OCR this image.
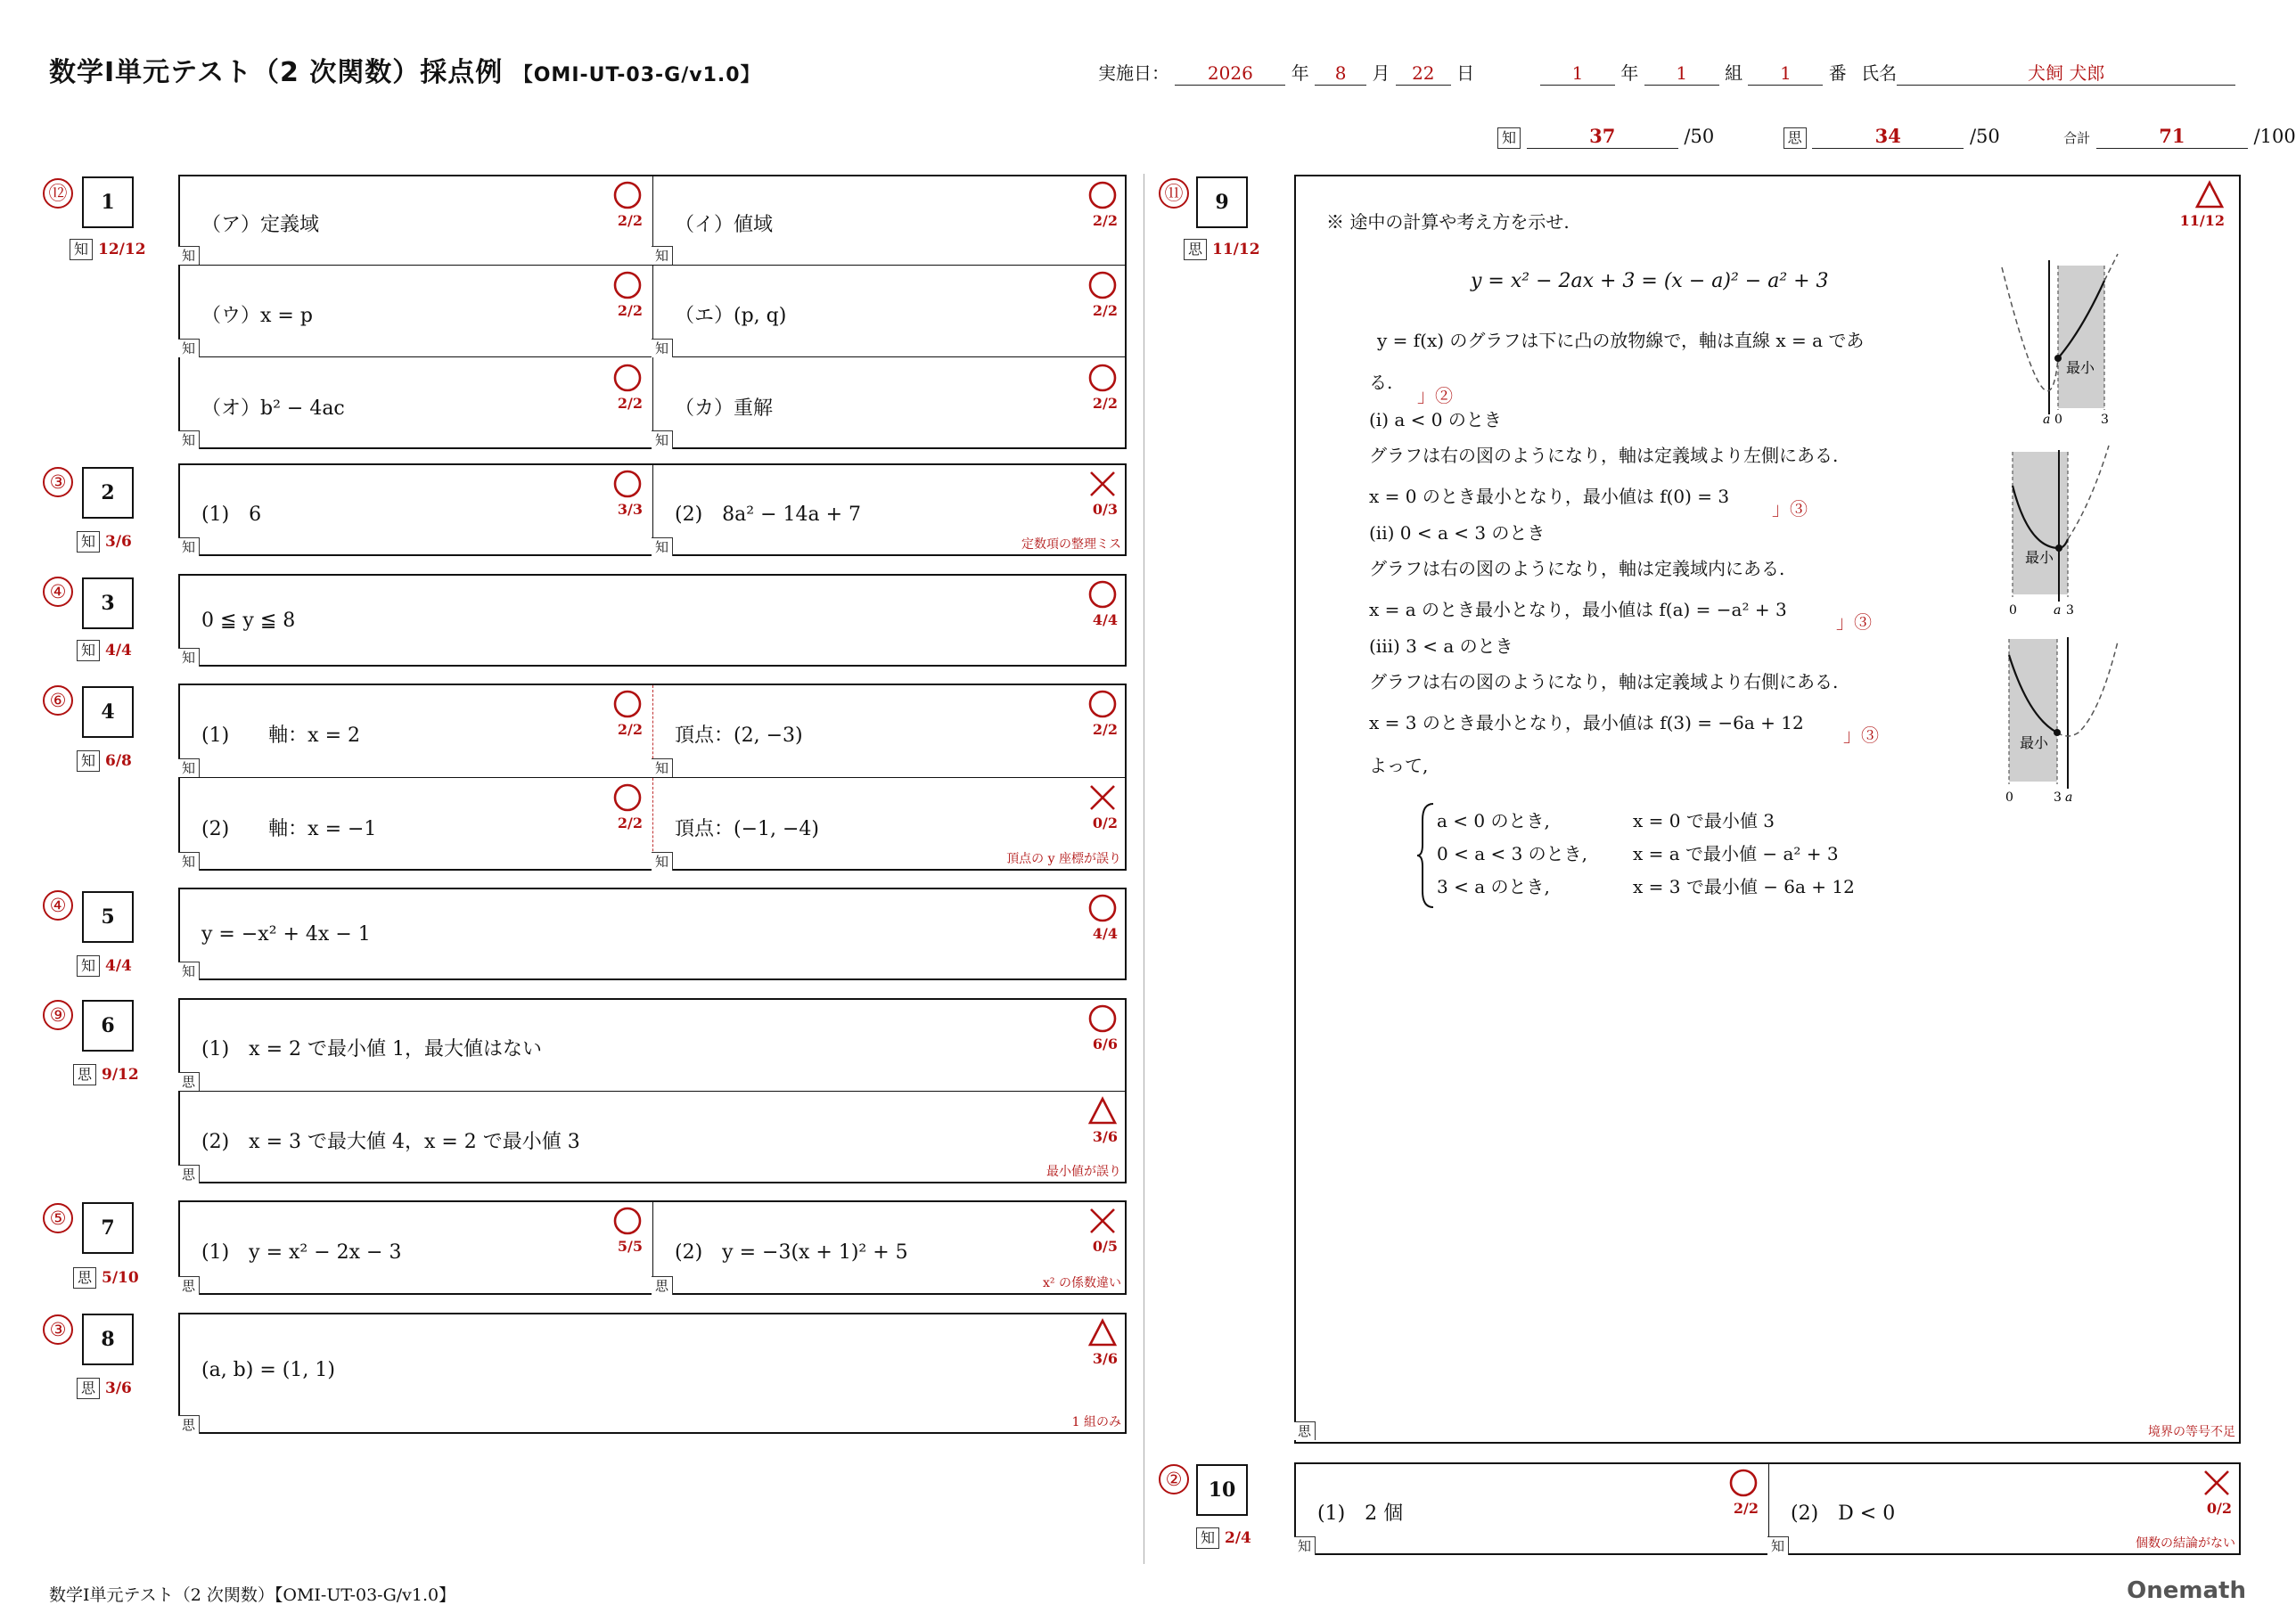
数学Ⅰ単元テスト（2 次関数）採点例 【OMI-UT-03-G/v1.0】	実施日： 2026 年 8 月 22 日	1 年 1 組 1 番 氏名	犬飼 犬郎
知	37	/50	思	34	/50	合計	71	/100
⑫	1
知 12/12
③	2
知 3/6
④	3
知 4/4
⑥	4
知 6/8
④	5
知 4/4
⑨	6
思 9/12
⑤	7
思 5/10
③	8
思 3/6
⑪	9
思 11/12
②	10
知 2/4
（ア）定義域	2/2
知
（イ）値域	2/2
知
（ウ）x = p	2/2
知
（エ）(p, q)	2/2
知
（オ）b² − 4ac	2/2
知
（カ）重解	2/2
知
(1)　6	3/3
知
(2)　8a² − 14a + 7	0/3
知	定数項の整理ミス
0 ≦ y ≦ 8	4/4
知
(1)　　軸：x = 2	2/2
知
頂点：(2, −3)	2/2
知
(2)　　軸：x = −1	2/2
知
頂点：(−1, −4)	0/2
知	頂点の y 座標が誤り
y = −x² + 4x − 1	4/4
知
(1)　x = 2 で最小値 1，最大値はない	6/6
思
(2)　x = 3 で最大値 4，x = 2 で最小値 3	3/6
思	最小値が誤り
(1)　y = x² − 2x − 3	5/5
思
(2)　y = −3(x + 1)² + 5	0/5
思	x² の係数違い
(a, b) = (1, 1)
3/6
思	1 組のみ
11/12
思	境界の等号不足
(1)　2 個	2/2
知
(2)　D < 0	0/2
知	個数の結論がない
※ 途中の計算や考え方を示せ.
y = x² − 2ax + 3 = (x − a)² − a² + 3
y = f(x) のグラフは下に凸の放物線で，軸は直線 x = a であ
る.
」②
(i) a < 0 のとき
グラフは右の図のようになり，軸は定義域より左側にある.
x = 0 のとき最小となり，最小値は f(0) = 3
」③
(ii) 0 < a < 3 のとき
グラフは右の図のようになり，軸は定義域内にある.
x = a のとき最小となり，最小値は f(a) = −a² + 3
」③
(iii) 3 < a のとき
グラフは右の図のようになり，軸は定義域より右側にある.
x = 3 のとき最小となり，最小値は f(3) = −6a + 12
」③
よって,
a < 0 のとき,	x = 0 で最小値 3
0 < a < 3 のとき,	x = a で最小値 − a² + 3
3 < a のとき,	x = 3 で最小値 − 6a + 12
最小
a 0	3
最小
0	a 3
最小
0	3 a
数学Ⅰ単元テスト（2 次関数）【OMI-UT-03-G/v1.0】	Onemath
